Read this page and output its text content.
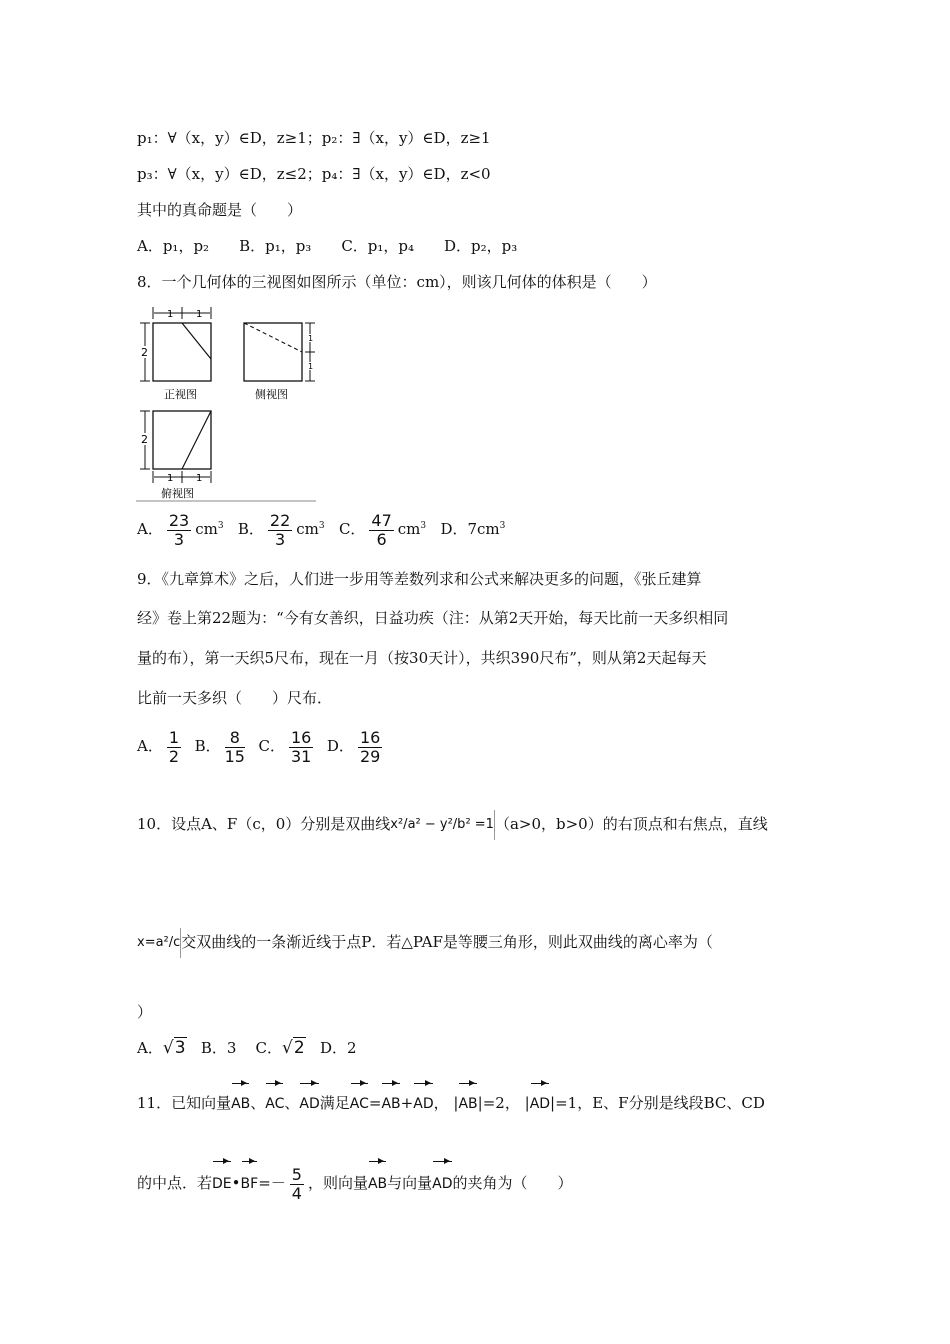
p₁：∀（x，y）∈D，z≥1；p₂：∃（x，y）∈D，z≥1
p₃：∀（x，y）∈D，z≤2；p₄：∃（x，y）∈D，z<0
其中的真命题是（　　）
A．p₁，p₂　　B．p₁，p₃　　C．p₁，p₄　　D．p₂，p₃
8．一个几何体的三视图如图所示（单位：cm），则该几何体的体积是（　　）
1 1
2
正视图
1
1
侧视图
2
1 1
俯视图
A． $\frac{23}{3} cm^3$ B． $\frac{22}{3} cm^3$ C． $\frac{47}{6} cm^3$ D．$7cm^3$
9．《九章算术》之后，人们进一步用等差数列求和公式来解决更多的问题，《张丘建算
经》卷上第22题为：“今有女善织，日益功疾（注：从第2天开始，每天比前一天多织相同
量的布），第一天织5尺布，现在一月（按30天计），共织390尺布”，则从第2天起每天
比前一天多织（　　）尺布．
A． $\frac{1}{2}$ B． $\frac{8}{15}$ C． $\frac{16}{31}$ D． $\frac{16}{29}$
10．设点A、F（c，0）分别是双曲线x²/a² − y²/b² =1（a>0，b>0）的右顶点和右焦点，直线
x=a²/c交双曲线的一条渐近线于点P．若△PAF是等腰三角形，则此双曲线的离心率为（
）
A．√3 B．3 C．√2 D．2
11．已知向量AB、AC、AD满足AC=AB+AD， |AB|=2， |AD|=1，E、F分别是线段BC、CD
的中点．若DE•BF=－ $\frac{5}{4}$ ，则向量AB与向量AD的夹角为（　　）
